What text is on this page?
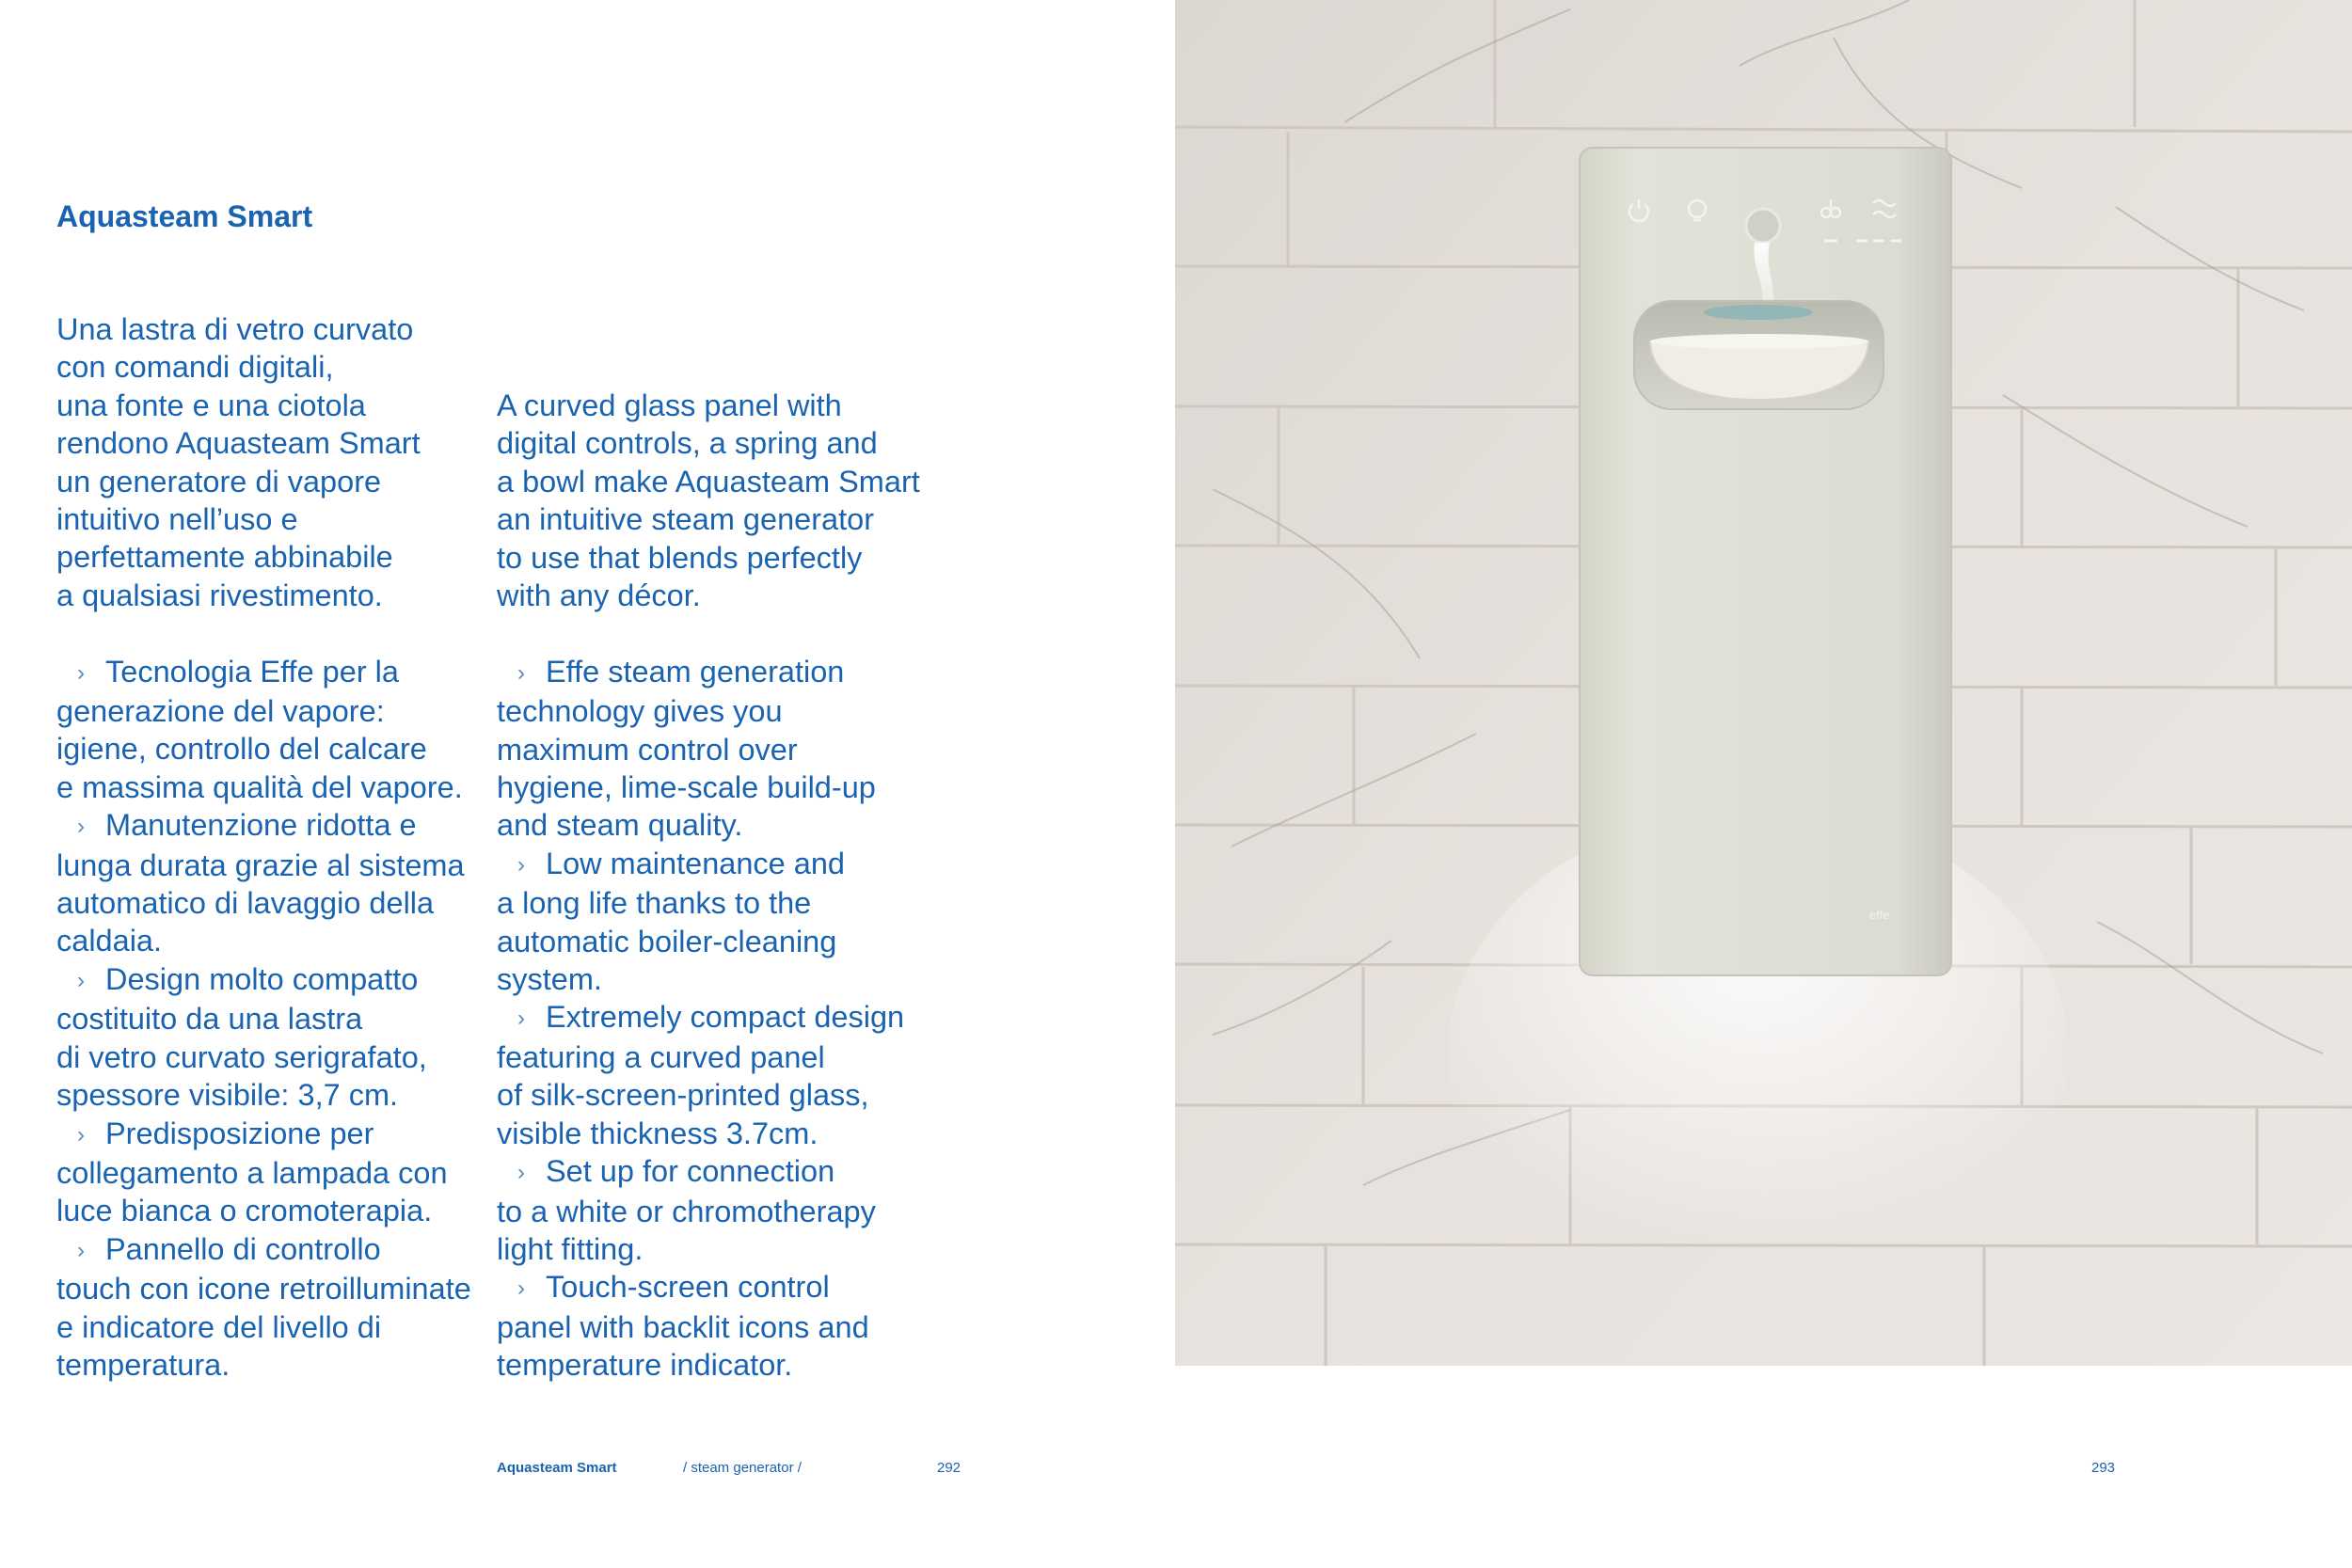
Aquasteam Smart

Una lastra di vetro curvato
con comandi digitali,
una fonte e una ciotola
rendono Aquasteam Smart
un generatore di vapore
intuitivo nell’uso e
perfettamente abbinabile
a qualsiasi rivestimento.

› Tecnologia Effe per la
generazione del vapore:
igiene, controllo del calcare
e massima qualità del vapore.

› Manutenzione ridotta e
lunga durata grazie al sistema
automatico di lavaggio della
caldaia.

› Design molto compatto
costituito da una lastra
di vetro curvato serigrafato,
spessore visibile: 3,7 cm.

› Predisposizione per
collegamento a lampada con
luce bianca o cromoterapia.

› Pannello di controllo
touch con icone retroilluminate
e indicatore del livello di
temperatura.

A curved glass panel with
digital controls, a spring and
a bowl make Aquasteam Smart
an intuitive steam generator
to use that blends perfectly
with any décor.

› Effe steam generation
technology gives you
maximum control over
hygiene, lime-scale build-up
and steam quality.

› Low maintenance and
a long life thanks to the
automatic boiler-cleaning
system.

› Extremely compact design
featuring a curved panel
of silk-screen-printed glass,
visible thickness 3.7cm.

› Set up for connection
to a white or chromotherapy
light fitting.

› Touch-screen control
panel with backlit icons and
temperature indicator.

effe
Aquasteam Smart	/ steam generator /	292	293
